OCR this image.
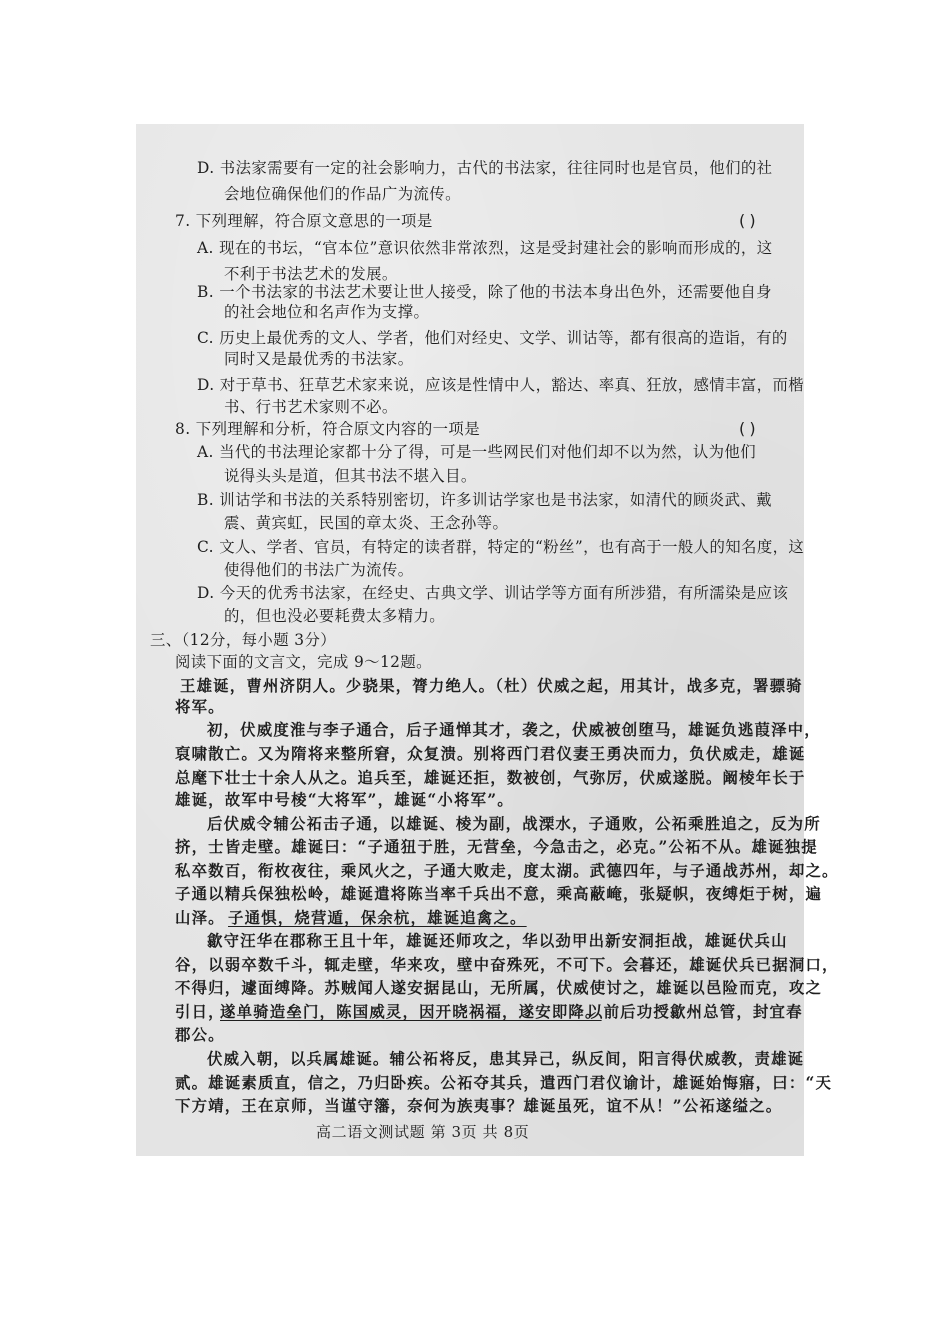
D. 书法家需要有一定的社会影响力，古代的书法家，往往同时也是官员，他们的社
会地位确保他们的作品广为流传。
7. 下列理解，符合原文意思的一项是
A. 现在的书坛，“官本位”意识依然非常浓烈，这是受封建社会的影响而形成的，这
不利于书法艺术的发展。
B. 一个书法家的书法艺术要让世人接受，除了他的书法本身出色外，还需要他自身
的社会地位和名声作为支撑。
C. 历史上最优秀的文人、学者，他们对经史、文学、训诂等，都有很高的造诣，有的
同时又是最优秀的书法家。
D. 对于草书、狂草艺术家来说，应该是性情中人，豁达、率真、狂放，感情丰富，而楷
书、行书艺术家则不必。
8. 下列理解和分析，符合原文内容的一项是
A. 当代的书法理论家都十分了得，可是一些网民们对他们却不以为然，认为他们
说得头头是道，但其书法不堪入目。
B. 训诂学和书法的关系特别密切，许多训诂学家也是书法家，如清代的顾炎武、戴
震、黄宾虹，民国的章太炎、王念孙等。
C. 文人、学者、官员，有特定的读者群，特定的“粉丝”，也有高于一般人的知名度，这
使得他们的书法广为流传。
D. 今天的优秀书法家，在经史、古典文学、训诂学等方面有所涉猎，有所濡染是应该
的，但也没必要耗费太多精力。
三、（12分，每小题 3分）
阅读下面的文言文，完成 9～12题。
( )
( )
王雄诞，曹州济阴人。少骁果，膂力绝人。（杜）伏威之起，用其计，战多克，署骠骑
将军。
初，伏威度淮与李子通合，后子通惮其才，袭之，伏威被创堕马，雄诞负逃葭泽中，
裒啸散亡。又为隋将来整所窘，众复溃。别将西门君仪妻王勇决而力，负伏威走，雄诞
总麾下壮士十余人从之。追兵至，雄诞还拒，数被创，气弥厉，伏威遂脱。阚棱年长于
雄诞，故军中号棱“大将军”，雄诞“小将军”。
后伏威令辅公祏击子通，以雄诞、棱为副，战溧水，子通败，公祏乘胜追之，反为所
挤，士皆走壁。雄诞曰：“子通狃于胜，无营垒，今急击之，必克。”公祏不从。雄诞独提
私卒数百，衔枚夜往，乘风火之，子通大败走，度太湖。武德四年，与子通战苏州，却之。
子通以精兵保独松岭，雄诞遣将陈当率千兵出不意，乘高蔽崦，张疑帜，夜缚炬于树，遍
山泽。
歙守汪华在郡称王且十年，雄诞还师攻之，华以劲甲出新安洞拒战，雄诞伏兵山
谷，以弱卒数千斗，辄走壁，华来攻，壁中奋殊死，不可下。会暮还，雄诞伏兵已据洞口，
不得归，遽面缚降。苏贼闻人遂安据昆山，无所属，伏威使讨之，雄诞以邑险而克，攻之
引日，	以前后功授歙州总管，封宜春
郡公。
伏威入朝，以兵属雄诞。辅公祏将反，患其异己，纵反间，阳言得伏威教，责雄诞
贰。雄诞素质直，信之，乃归卧疾。公祏夺其兵，遣西门君仪谕计，雄诞始悔寤，曰：“天
下方靖，王在京师，当谨守籓，奈何为族夷事？雄诞虽死，谊不从！”公祏遂缢之。
子通惧，烧营遁，保余杭，雄诞追禽之。
遂单骑造垒门，陈国威灵，因开晓祸福，遂安即降。
高二语文测试题 第 3页 共 8页
